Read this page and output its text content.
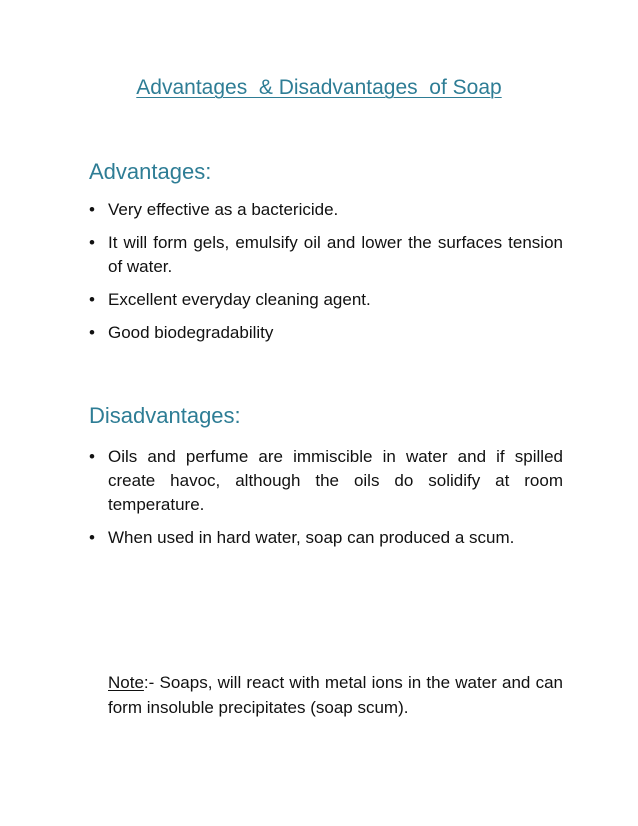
Advantages  & Disadvantages  of Soap
Advantages:
• Very effective as a bactericide.
• It will form gels, emulsify oil and lower the surfaces tension of water.
• Excellent everyday cleaning agent.
• Good biodegradability
Disadvantages:
• Oils and perfume are immiscible in water and if spilled create havoc, although the oils do solidify at room temperature.
• When used in hard water, soap can produced a scum.
Note:- Soaps, will react with metal ions in the water and can form insoluble precipitates (soap scum).
